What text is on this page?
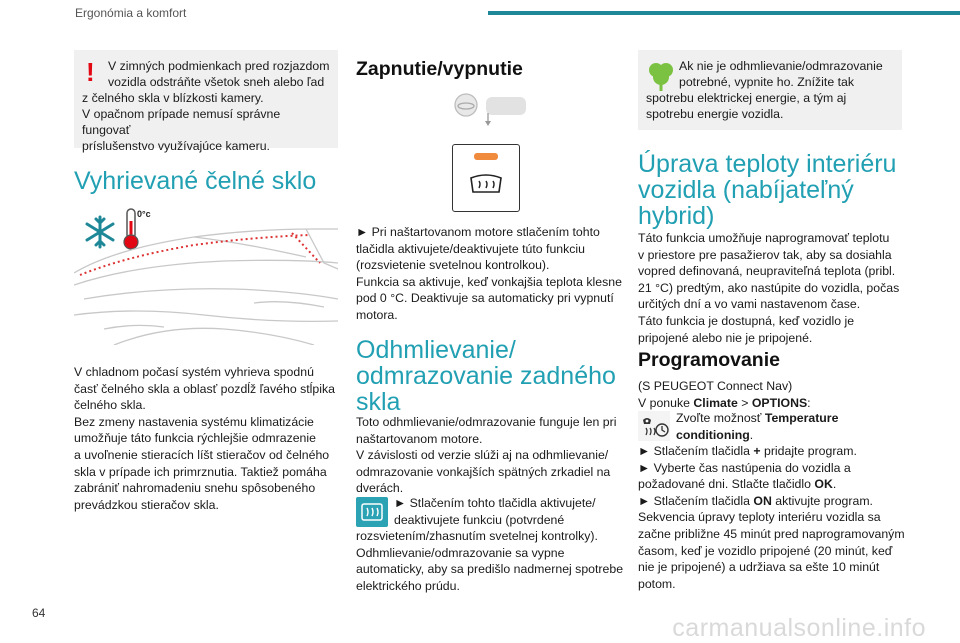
Ergonómia a komfort
!	V zimných podmienkach pred rozjazdom
vozidla odstráňte všetok sneh alebo ľad
z čelného skla v blízkosti kamery.
V opačnom prípade nemusí správne fungovať
príslušenstvo využívajúce kameru.
Vyhrievané čelné sklo
0°c

V chladnom počasí systém vyhrieva spodnú

časť čelného skla a oblasť pozdĺž ľavého stĺpika

čelného skla.

Bez zmeny nastavenia systému klimatizácie

umožňuje táto funkcia rýchlejšie odmrazenie

a uvoľnenie stieracích líšt stieračov od čelného

skla v prípade ich primrznutia. Taktiež pomáha

zabrániť nahromadeniu snehu spôsobeného

prevádzkou stieračov skla.

Zapnutie/vypnutie

► Pri naštartovanom motore stlačením tohto

tlačidla aktivujete/deaktivujete túto funkciu

(rozsvietenie svetelnou kontrolkou).

Funkcia sa aktivuje, keď vonkajšia teplota klesne

pod 0 °C. Deaktivuje sa automaticky pri vypnutí

motora.

Odhmlievanie/
odmrazovanie zadného
skla

Toto odhmlievanie/odmrazovanie funguje len pri

naštartovanom motore.

V závislosti od verzie slúži aj na odhmlievanie/

odmrazovanie vonkajších spätných zrkadiel na

dverách.

► Stlačením tohto tlačidla aktivujete/

deaktivujete funkciu (potvrdené

rozsvietením/zhasnutím svetelnej kontrolky).

Odhmlievanie/odmrazovanie sa vypne

automaticky, aby sa predišlo nadmernej spotrebe

elektrického prúdu.

Ak nie je odhmlievanie/odmrazovanie
potrebné, vypnite ho. Znížite tak
spotrebu elektrickej energie, a tým aj
spotrebu energie vozidla.
Úprava teploty interiéru
vozidla (nabíjateľný
hybrid)

Táto funkcia umožňuje naprogramovať teplotu

v priestore pre pasažierov tak, aby sa dosiahla

vopred definovaná, neupraviteľná teplota (pribl.

21 °C) predtým, ako nastúpite do vozidla, počas

určitých dní a vo vami nastavenom čase.

Táto funkcia je dostupná, keď vozidlo je

pripojené alebo nie je pripojené.

Programovanie

(S PEUGEOT Connect Nav)

V ponuke Climate > OPTIONS:

Zvoľte možnosť Temperature

conditioning.

► Stlačením tlačidla + pridajte program.

► Vyberte čas nastúpenia do vozidla a

požadované dni. Stlačte tlačidlo OK.

► Stlačením tlačidla ON aktivujte program.

Sekvencia úpravy teploty interiéru vozidla sa

začne približne 45 minút pred naprogramovaným

časom, keď je vozidlo pripojené (20 minút, keď

nie je pripojené) a udržiava sa ešte 10 minút

potom.

64
carmanualsonline.info
